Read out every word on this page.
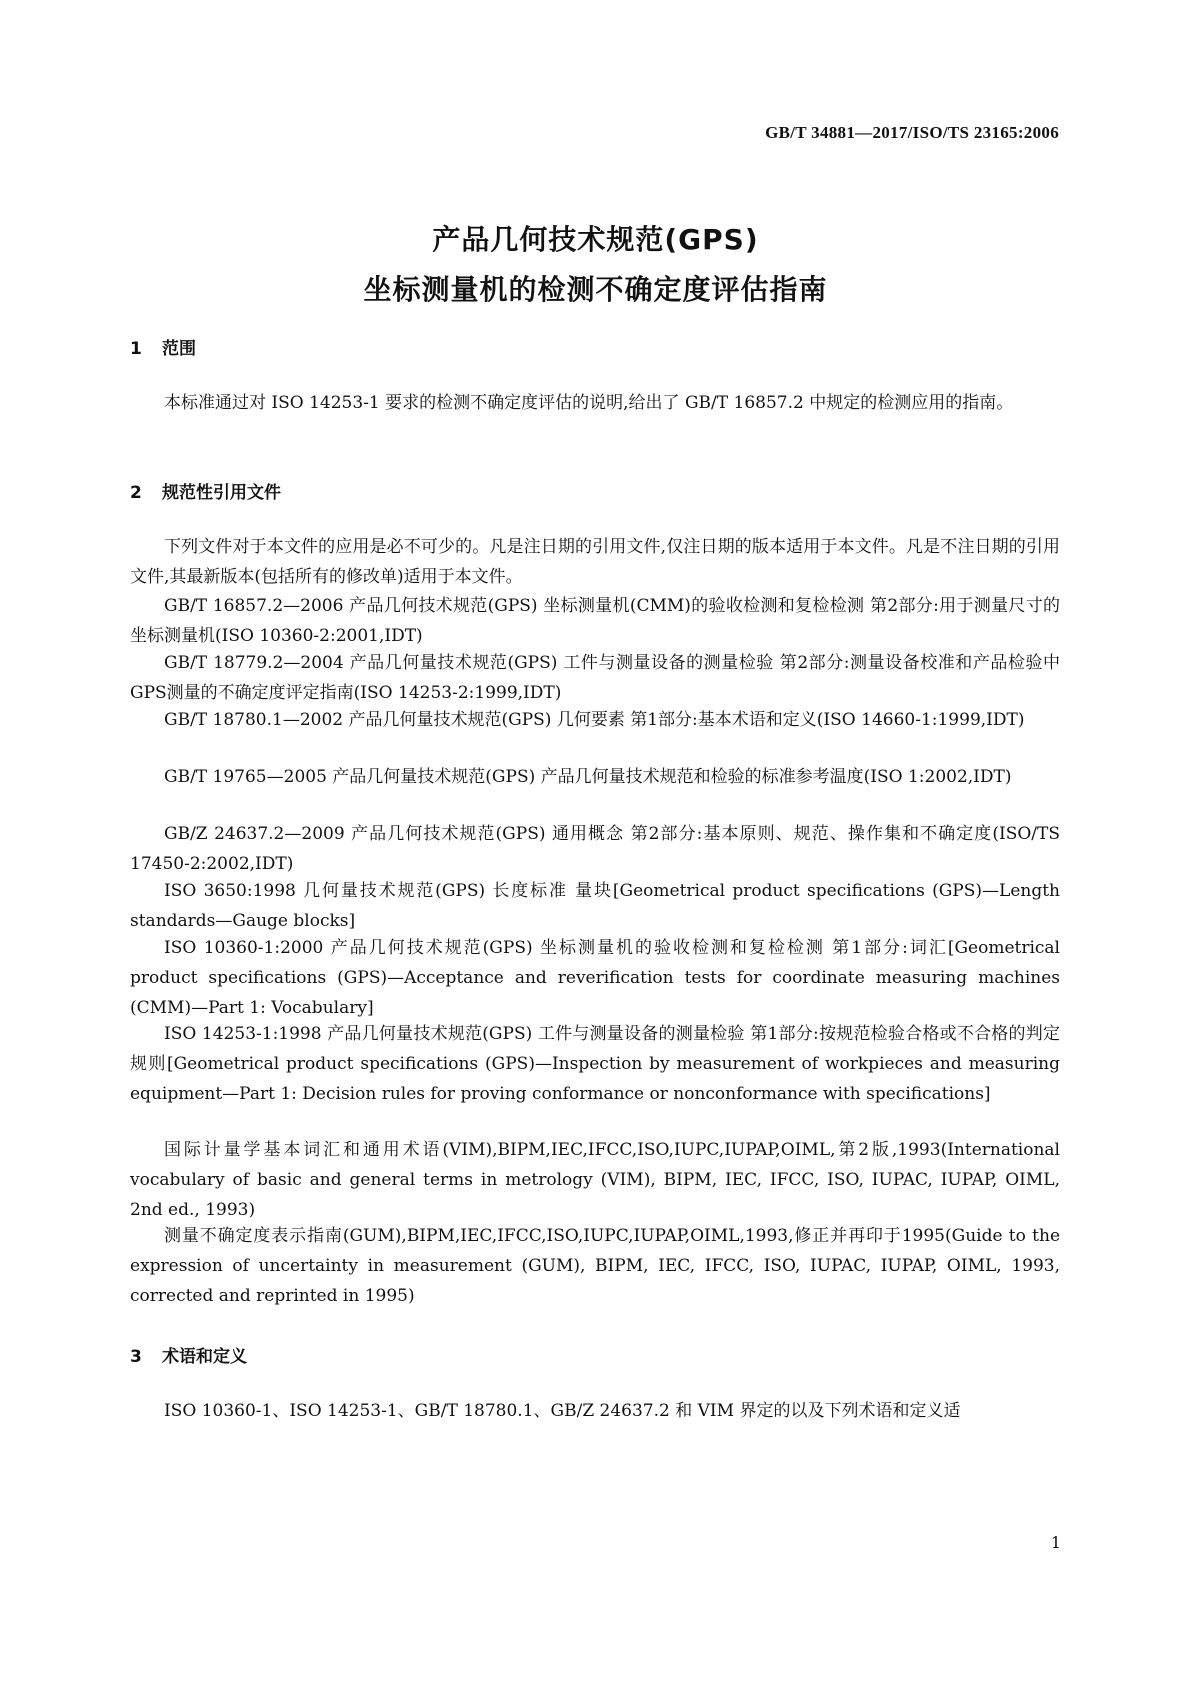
GB/T 34881—2017/ISO/TS 23165:2006
产品几何技术规范(GPS)
坐标测量机的检测不确定度评估指南
1 范围
本标准通过对 ISO 14253-1 要求的检测不确定度评估的说明,给出了 GB/T 16857.2 中规定的检测应用的指南。
2 规范性引用文件
下列文件对于本文件的应用是必不可少的。凡是注日期的引用文件,仅注日期的版本适用于本文件。凡是不注日期的引用文件,其最新版本(包括所有的修改单)适用于本文件。
GB/T 16857.2—2006 产品几何技术规范(GPS) 坐标测量机(CMM)的验收检测和复检检测 第2部分:用于测量尺寸的坐标测量机(ISO 10360-2:2001,IDT)
GB/T 18779.2—2004 产品几何量技术规范(GPS) 工件与测量设备的测量检验 第2部分:测量设备校准和产品检验中GPS测量的不确定度评定指南(ISO 14253-2:1999,IDT)
GB/T 18780.1—2002 产品几何量技术规范(GPS) 几何要素 第1部分:基本术语和定义(ISO 14660-1:1999,IDT)
GB/T 19765—2005 产品几何量技术规范(GPS) 产品几何量技术规范和检验的标准参考温度(ISO 1:2002,IDT)
GB/Z 24637.2—2009 产品几何技术规范(GPS) 通用概念 第2部分:基本原则、规范、操作集和不确定度(ISO/TS 17450-2:2002,IDT)
ISO 3650:1998 几何量技术规范(GPS) 长度标准 量块[Geometrical product specifications (GPS)—Length standards—Gauge blocks]
ISO 10360-1:2000 产品几何技术规范(GPS) 坐标测量机的验收检测和复检检测 第1部分:词汇[Geometrical product specifications (GPS)—Acceptance and reverification tests for coordinate measuring machines (CMM)—Part 1: Vocabulary]
ISO 14253-1:1998 产品几何量技术规范(GPS) 工件与测量设备的测量检验 第1部分:按规范检验合格或不合格的判定规则[Geometrical product specifications (GPS)—Inspection by measurement of workpieces and measuring equipment—Part 1: Decision rules for proving conformance or nonconformance with specifications]
国际计量学基本词汇和通用术语(VIM),BIPM,IEC,IFCC,ISO,IUPC,IUPAP,OIML,第2版,1993(International vocabulary of basic and general terms in metrology (VIM), BIPM, IEC, IFCC, ISO, IUPAC, IUPAP, OIML, 2nd ed., 1993)
测量不确定度表示指南(GUM),BIPM,IEC,IFCC,ISO,IUPC,IUPAP,OIML,1993,修正并再印于1995(Guide to the expression of uncertainty in measurement (GUM), BIPM, IEC, IFCC, ISO, IUPAC, IUPAP, OIML, 1993, corrected and reprinted in 1995)
3 术语和定义
ISO 10360-1、ISO 14253-1、GB/T 18780.1、GB/Z 24637.2 和 VIM 界定的以及下列术语和定义适
1
